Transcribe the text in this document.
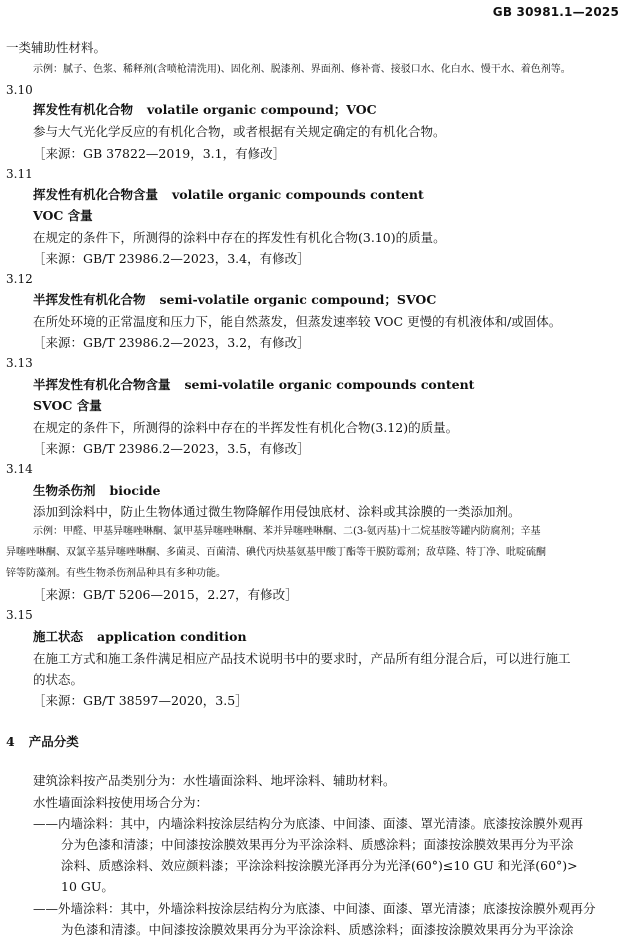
GB 30981.1—2025
一类辅助性材料。
示例：腻子、色浆、稀释剂(含喷枪清洗用)、固化剂、脱漆剂、界面剂、修补膏、接驳口水、化白水、慢干水、着色剂等。
3.10
挥发性有机化合物 volatile organic compound；VOC
参与大气光化学反应的有机化合物，或者根据有关规定确定的有机化合物。
［来源：GB 37822—2019，3.1，有修改］
3.11
挥发性有机化合物含量 volatile organic compounds content
VOC 含量
在规定的条件下，所测得的涂料中存在的挥发性有机化合物(3.10)的质量。
［来源：GB/T 23986.2—2023，3.4，有修改］
3.12
半挥发性有机化合物 semi-volatile organic compound；SVOC
在所处环境的正常温度和压力下，能自然蒸发，但蒸发速率较 VOC 更慢的有机液体和/或固体。
［来源：GB/T 23986.2—2023，3.2，有修改］
3.13
半挥发性有机化合物含量 semi-volatile organic compounds content
SVOC 含量
在规定的条件下，所测得的涂料中存在的半挥发性有机化合物(3.12)的质量。
［来源：GB/T 23986.2—2023，3.5，有修改］
3.14
生物杀伤剂 biocide
添加到涂料中，防止生物体通过微生物降解作用侵蚀底材、涂料或其涂膜的一类添加剂。
示例：甲醛、甲基异噻唑啉酮、氯甲基异噻唑啉酮、苯并异噻唑啉酮、二(3-氨丙基)十二烷基胺等罐内防腐剂；辛基
异噻唑啉酮、双氯辛基异噻唑啉酮、多菌灵、百菌清、碘代丙炔基氨基甲酸丁酯等干膜防霉剂；敌草隆、特丁净、吡啶硫酮
锌等防藻剂。有些生物杀伤剂品种具有多种功能。
［来源：GB/T 5206—2015，2.27，有修改］
3.15
施工状态 application condition
在施工方式和施工条件满足相应产品技术说明书中的要求时，产品所有组分混合后，可以进行施工
的状态。
［来源：GB/T 38597—2020，3.5］
4 产品分类
建筑涂料按产品类别分为：水性墙面涂料、地坪涂料、辅助材料。
水性墙面涂料按使用场合分为：
——内墙涂料：其中，内墙涂料按涂层结构分为底漆、中间漆、面漆、罩光清漆。底漆按涂膜外观再
分为色漆和清漆；中间漆按涂膜效果再分为平涂涂料、质感涂料；面漆按涂膜效果再分为平涂
涂料、质感涂料、效应颜料漆；平涂涂料按涂膜光泽再分为光泽(60°)≤10 GU 和光泽(60°)>
10 GU。
——外墙涂料：其中，外墙涂料按涂层结构分为底漆、中间漆、面漆、罩光清漆；底漆按涂膜外观再分
为色漆和清漆。中间漆按涂膜效果再分为平涂涂料、质感涂料；面漆按涂膜效果再分为平涂涂
